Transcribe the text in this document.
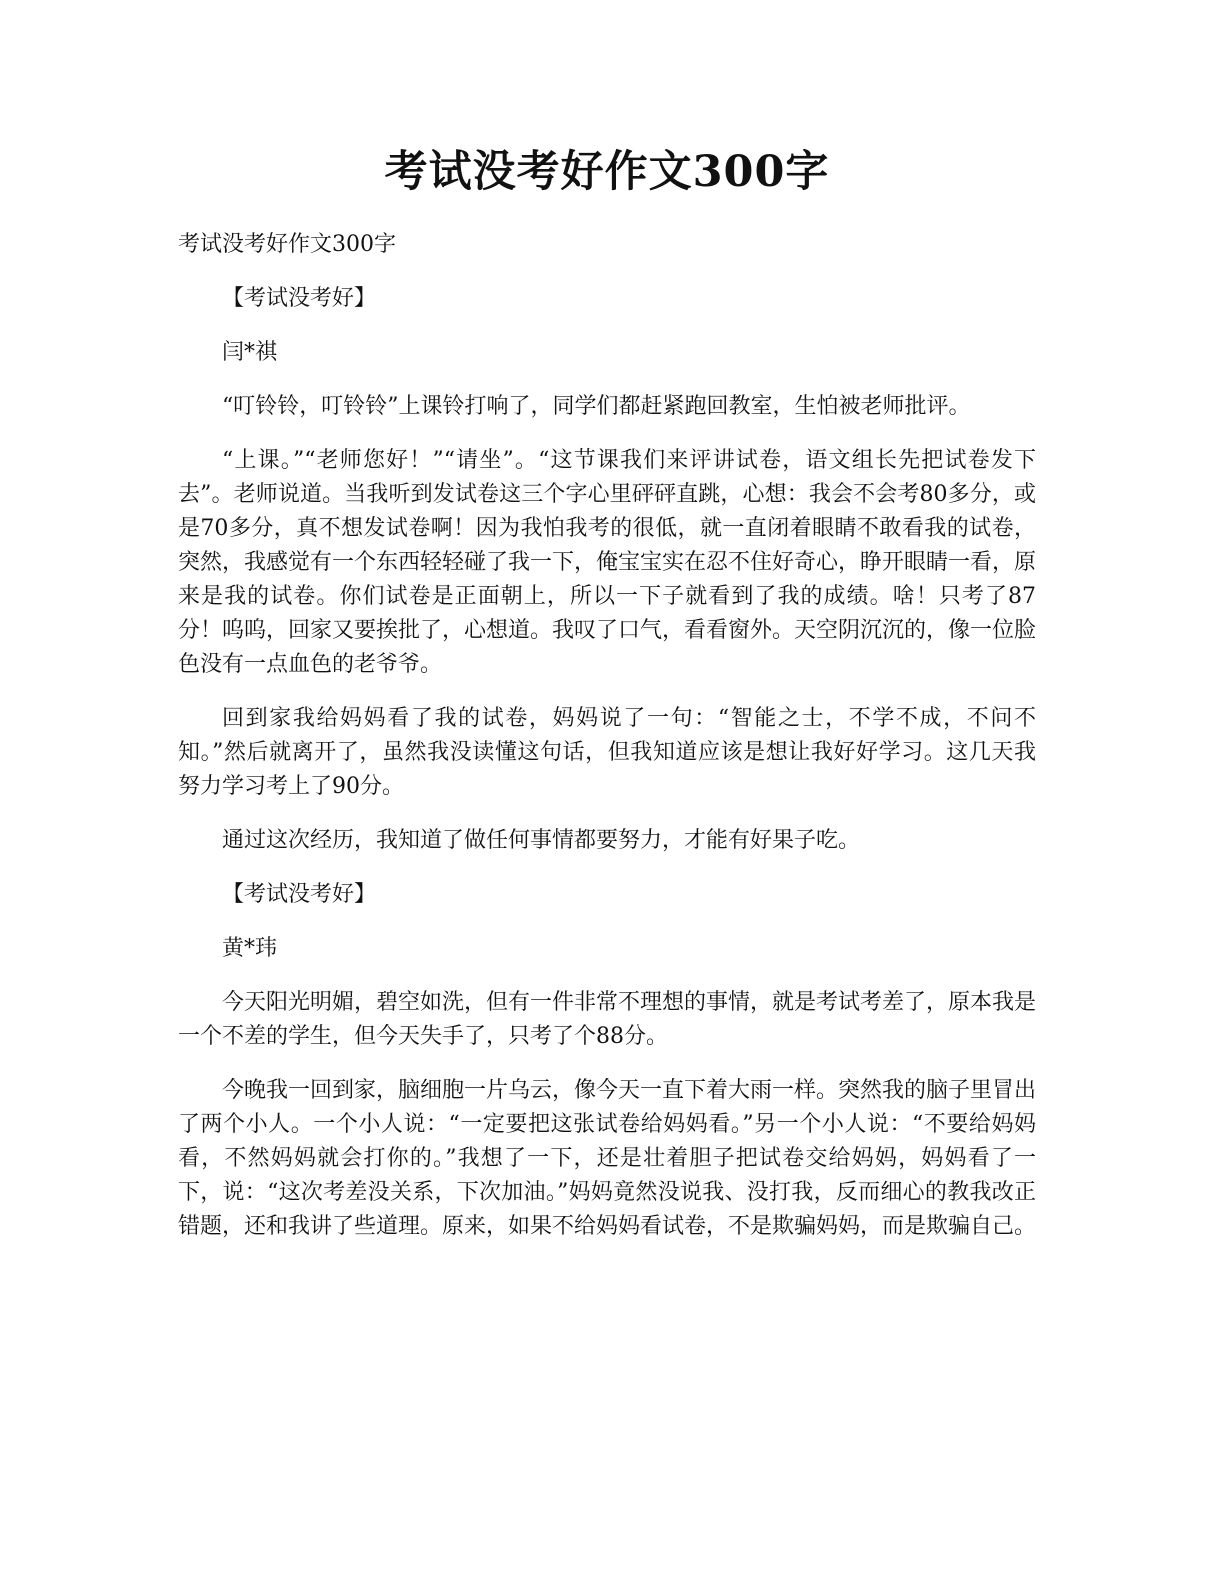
考试没考好作文300字

考试没考好作文300字

【考试没考好】

闫*祺

“叮铃铃，叮铃铃”上课铃打响了，同学们都赶紧跑回教室，生怕被老师批评。

“上课。”“老师您好！”“请坐”。“这节课我们来评讲试卷，语文组长先把试卷发下去”。老师说道。当我听到发试卷这三个字心里砰砰直跳，心想：我会不会考80多分，或是70多分，真不想发试卷啊！因为我怕我考的很低，就一直闭着眼睛不敢看我的试卷，突然，我感觉有一个东西轻轻碰了我一下，俺宝宝实在忍不住好奇心，睁开眼睛一看，原来是我的试卷。你们试卷是正面朝上，所以一下子就看到了我的成绩。啥！只考了87分！呜呜，回家又要挨批了，心想道。我叹了口气，看看窗外。天空阴沉沉的，像一位脸色没有一点血色的老爷爷。

回到家我给妈妈看了我的试卷，妈妈说了一句：“智能之士，不学不成，不问不知。”然后就离开了，虽然我没读懂这句话，但我知道应该是想让我好好学习。这几天我努力学习考上了90分。

通过这次经历，我知道了做任何事情都要努力，才能有好果子吃。

【考试没考好】

黄*玮

今天阳光明媚，碧空如洗，但有一件非常不理想的事情，就是考试考差了，原本我是一个不差的学生，但今天失手了，只考了个88分。

今晚我一回到家，脑细胞一片乌云，像今天一直下着大雨一样。突然我的脑子里冒出了两个小人。一个小人说：“一定要把这张试卷给妈妈看。”另一个小人说：“不要给妈妈看，不然妈妈就会打你的。”我想了一下，还是壮着胆子把试卷交给妈妈，妈妈看了一下，说：“这次考差没关系，下次加油。”妈妈竟然没说我、没打我，反而细心的教我改正错题，还和我讲了些道理。原来，如果不给妈妈看试卷，不是欺骗妈妈，而是欺骗自己。
